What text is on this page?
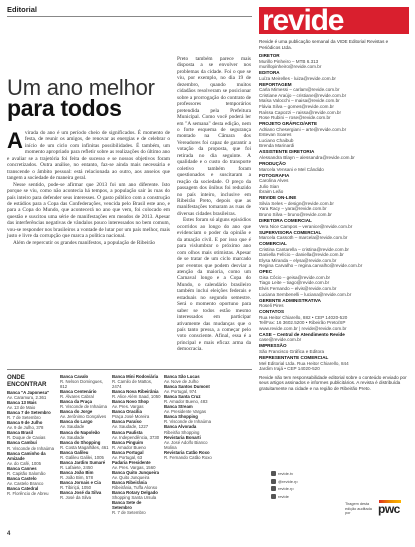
Editorial
Um ano melhor
para todos
A virada do ano é um período cheio de significados. É momento de festa, de reunir os amigos, de renovar as energias e de celebrar o início de um ciclo com infinitas possibilidades. É também, um momento apropriado para refletir sobre as realizações do último ano e avaliar se a trajetória foi feita de sucesso e se nossos objetivos foram concretizados. Outra análise, no entanto, faz-se ainda mais necessária e transcende o âmbito pessoal: está relacionada ao outro, aos anseios que tangem a sociedade de maneira geral.

Nesse sentido, pode-se afirmar que 2013 foi um ano diferente. Isto porque se viu, como não acontecia há tempos, a população sair às ruas do país inteiro para defender seus interesses. O gasto público com a construção de estádios para a Copa das Confederações, vencida pelo Brasil este ano, e para a Copa do Mundo, que acontecerá no ano que vem, foi colocado em questão e suscitou uma série de manifestações em meados de 2013. Apesar das interferências negativas de vândalos pouco interessados no bem comum, vou-se responder nos brasileiros a vontade de lutar por um país melhor, mais justo e livre da corrupção que marca a política nacional.

Além de repercutir os grandes manifestos, a população de Ribeirão

Preto também parece mais disposta a se envolver nos problemas da cidade. Foi o que se viu, por exemplo, no dia 19 de dezembro, quando muitos cidadãos resolveram se posicionar sobre a prorrogação do contrato de professores temporários pretendida pela Prefeitura Municipal. Como você poderá ler em "A semana" desta edição, nem o forte esquema de segurança montado na Câmara dos Vereadores foi capaz de garantir a votação da proposta, que foi retirada no dia seguinte. A qualidade e o custo do transporte coletivo também foram questionados e suscitaram a reação da sociedade. O preço da passagem dos ônibus foi reduzido no país inteiro, inclusive em Ribeirão Preto, depois que as manifestações tomaram as ruas de diversas cidades brasileiras.

Estes foram só alguns episódios ocorridos ao longo do ano que evidenciam o poder da opinião e da atuação civil. E por isso que é para vislumbrar o próximo ano com olhos mais otimistas. Apesar de se tratar de um ciclo marcado por eventos que podem desviar a atenção da maioria, como um Carnaval longo e a Copa do Mundo, o calendário brasileiro também inclui eleições federais e estaduais no segundo semestre. Será o momento oportuno para saber se todos estão mesmo interessados em participar ativamente das mudanças que o país tanto pressa, a começar pelo voto consciente. Afinal, essa é a principal e mais eficaz arma da democracia.

revide
Revide é uma publicação semanal da VIDE Editorial Revistas e Periódicos Ltda.
DIRETOR
Murillo Pinheiro – MTB 6.313
murillopinheiro@revide.com.br
EDITORA
Luíza Meirelles - luiza@revide.com.br
REPORTAGEM
Carla Mimessi – carlam@revide.com.br
Cristiane Araújo – cristiane@revide.com.br
Maísa Valocchi – maisa@revide.com.br
Flávia Silva – gomes@revide.com.br
Raíssa Capozzi – raissa@revide.com.br
Rose Rubini – rose@revide.com.br
PROJETO GRÁFICO/ARTE
Adriano Chesergiani – arte@revide.com.br
Estevan Soares
Luciano Chaibub
Brenda Marinardi
ASSISTENTE DIRETORIA
Alessandra Blayn – alessandra@revide.com.br
PRODUÇÃO
Marcela Vensani e Mel Cândido
FOTOGRAFIA
Carolina Alves
Julio Sian
Ibraim Leão
REVIDE ON-LINE
Silvia Seles – design@revide.com.br
Yara Racy – yara@revide.com.br
Bruno Silva – bruno@revide.com.br
DIRETORA COMERCIAL
Vera Nice Campos – veranice@revide.com.br
SUPERVISORA COMERCIAL
Marcela Cassoth – marcela@revide.com.br
COMERCIAL
Cristina Cantarella – cristina@revide.com.br
Daniella Felício – daniella@revide.com.br
Elysa Miranda – elysa@revide.com.br
Regina Carvalho – regina.carvalho@revide.com.br
OPEC
Gisa Côcio – geisa@revide.com.br
Tiago Leite – tiago@revide.com.br
Elvis Fernando – elvis@revide.com.br
Luciana Sembenelli – luciana@revide.com.br
GERENTE ADMINISTRATIVA
Roseli Pires
CONTATOS
Rua Heitor Chiarello, 882 • CEP 14020-520
Tel/Fax: 16 3602.5200 • Ribeirão Preto/SP
www.revide.com.br | revide@revide.com.br
CASE – Central de Atendimento Revide
case@revide.com.br
IMPRESSÃO
São Francisco Gráfica e Editora
REPRESENTANTE COMERCIAL
Mel Editorial Ltda. Rua Heitor Chiarello, 844
Jardim Irajá • CEP 14020-520
Revide não tem responsabilidade editorial sobre o conteúdo enviado por seus artigos assinados e informes publicitários. A revista é distribuída gratuitamente na cidade e na região de Ribeirão Preto.
ONDE ENCONTRAR
Banca "A Japonesa"
Av. Caramuru, 2.361
Banca 13 Mais
Av. 13 de Maio
Banca 7 de Setembro
R. 7 de Setembro
Banca 9 de Julho
Av. 9 de Julho, 378
Banca Brasil
R. Duque de Caxias
Banca Cambuí
R. Visconde de Inhaúma
Banca Caminho da Amizade
Av. do Café, 1005
Banca Cannes
R. Capitão Salomão
Banca Castelo
Av. Castelo Branco
Banca Catedral
R. Florêncio de Abreu
Banca Cavalo
R. Nelson Domingues, 812
Banca Centenário
R. Álvares Cabral
Banca da Praça
R. Visconde de Inhaúma
Banca do Jorge
Av. Jerônimo Gonçalves
Banca do Largo
Av. Saudade
Banca do Napoleão
Av. Saudade
Banca do Shopping
R. Costa Magalhães, 461
Banca Galileu
R. Galileu Galilei, 1005
Banca Jardim Sumaré
R. Lafaiete, 2450
Banca João Bim
R. João Bim, 578
Banca Jornais e Cia
R. Tibiriçá, 1050
Banca José da Silva
R. José da Silva
Banca Mini Rodoviária
R. Camilo de Mattos, 2474
Banca Nova Ribeirânia
R. Alice Além Saad, 1050
Banca Novo Shop
Av. Pres. Vargas
Banca Oracília
Praça José Moreira
Banca Paraíso
Av. Saudade, 1227
Banca Paulista
Av. Independência, 3730
Banca Pinguim
R. Amador Bueno
Banca Portugal
Av. Portugal, 63
Padaria Presidente
Av. Pres. Vargas, 1560
Banca Quito Junqueira
Av. Quito Junqueira
Banca Ribeirânia
Ribeirânia, Tuffa Alonso
Banca Rotary Delgado
Shopping Santa Ursula
Banca Sete de Setembro
R. 7 de Setembro
Banca São Lucas
Av. Nove de Julho
Banca Santos Dumont
Av. Portugal, 974
Banca Santa Cruz
R. Amador Bueno, 483
Banca Stream
Av. Presidente Vargas
Banca Shopping
R. Visconde de Inhaúma
Banca Alvorada
Ribeirão Shopping
Revistaria Bonarti
Av. José Adolfo Bianco Molina
Revistaria Catão Roxo
R. Fernando Catão Roxo
revide.tv
@revide.rp
revide.rp
revide
Tiragem desta edição auditada por	pwc
4
